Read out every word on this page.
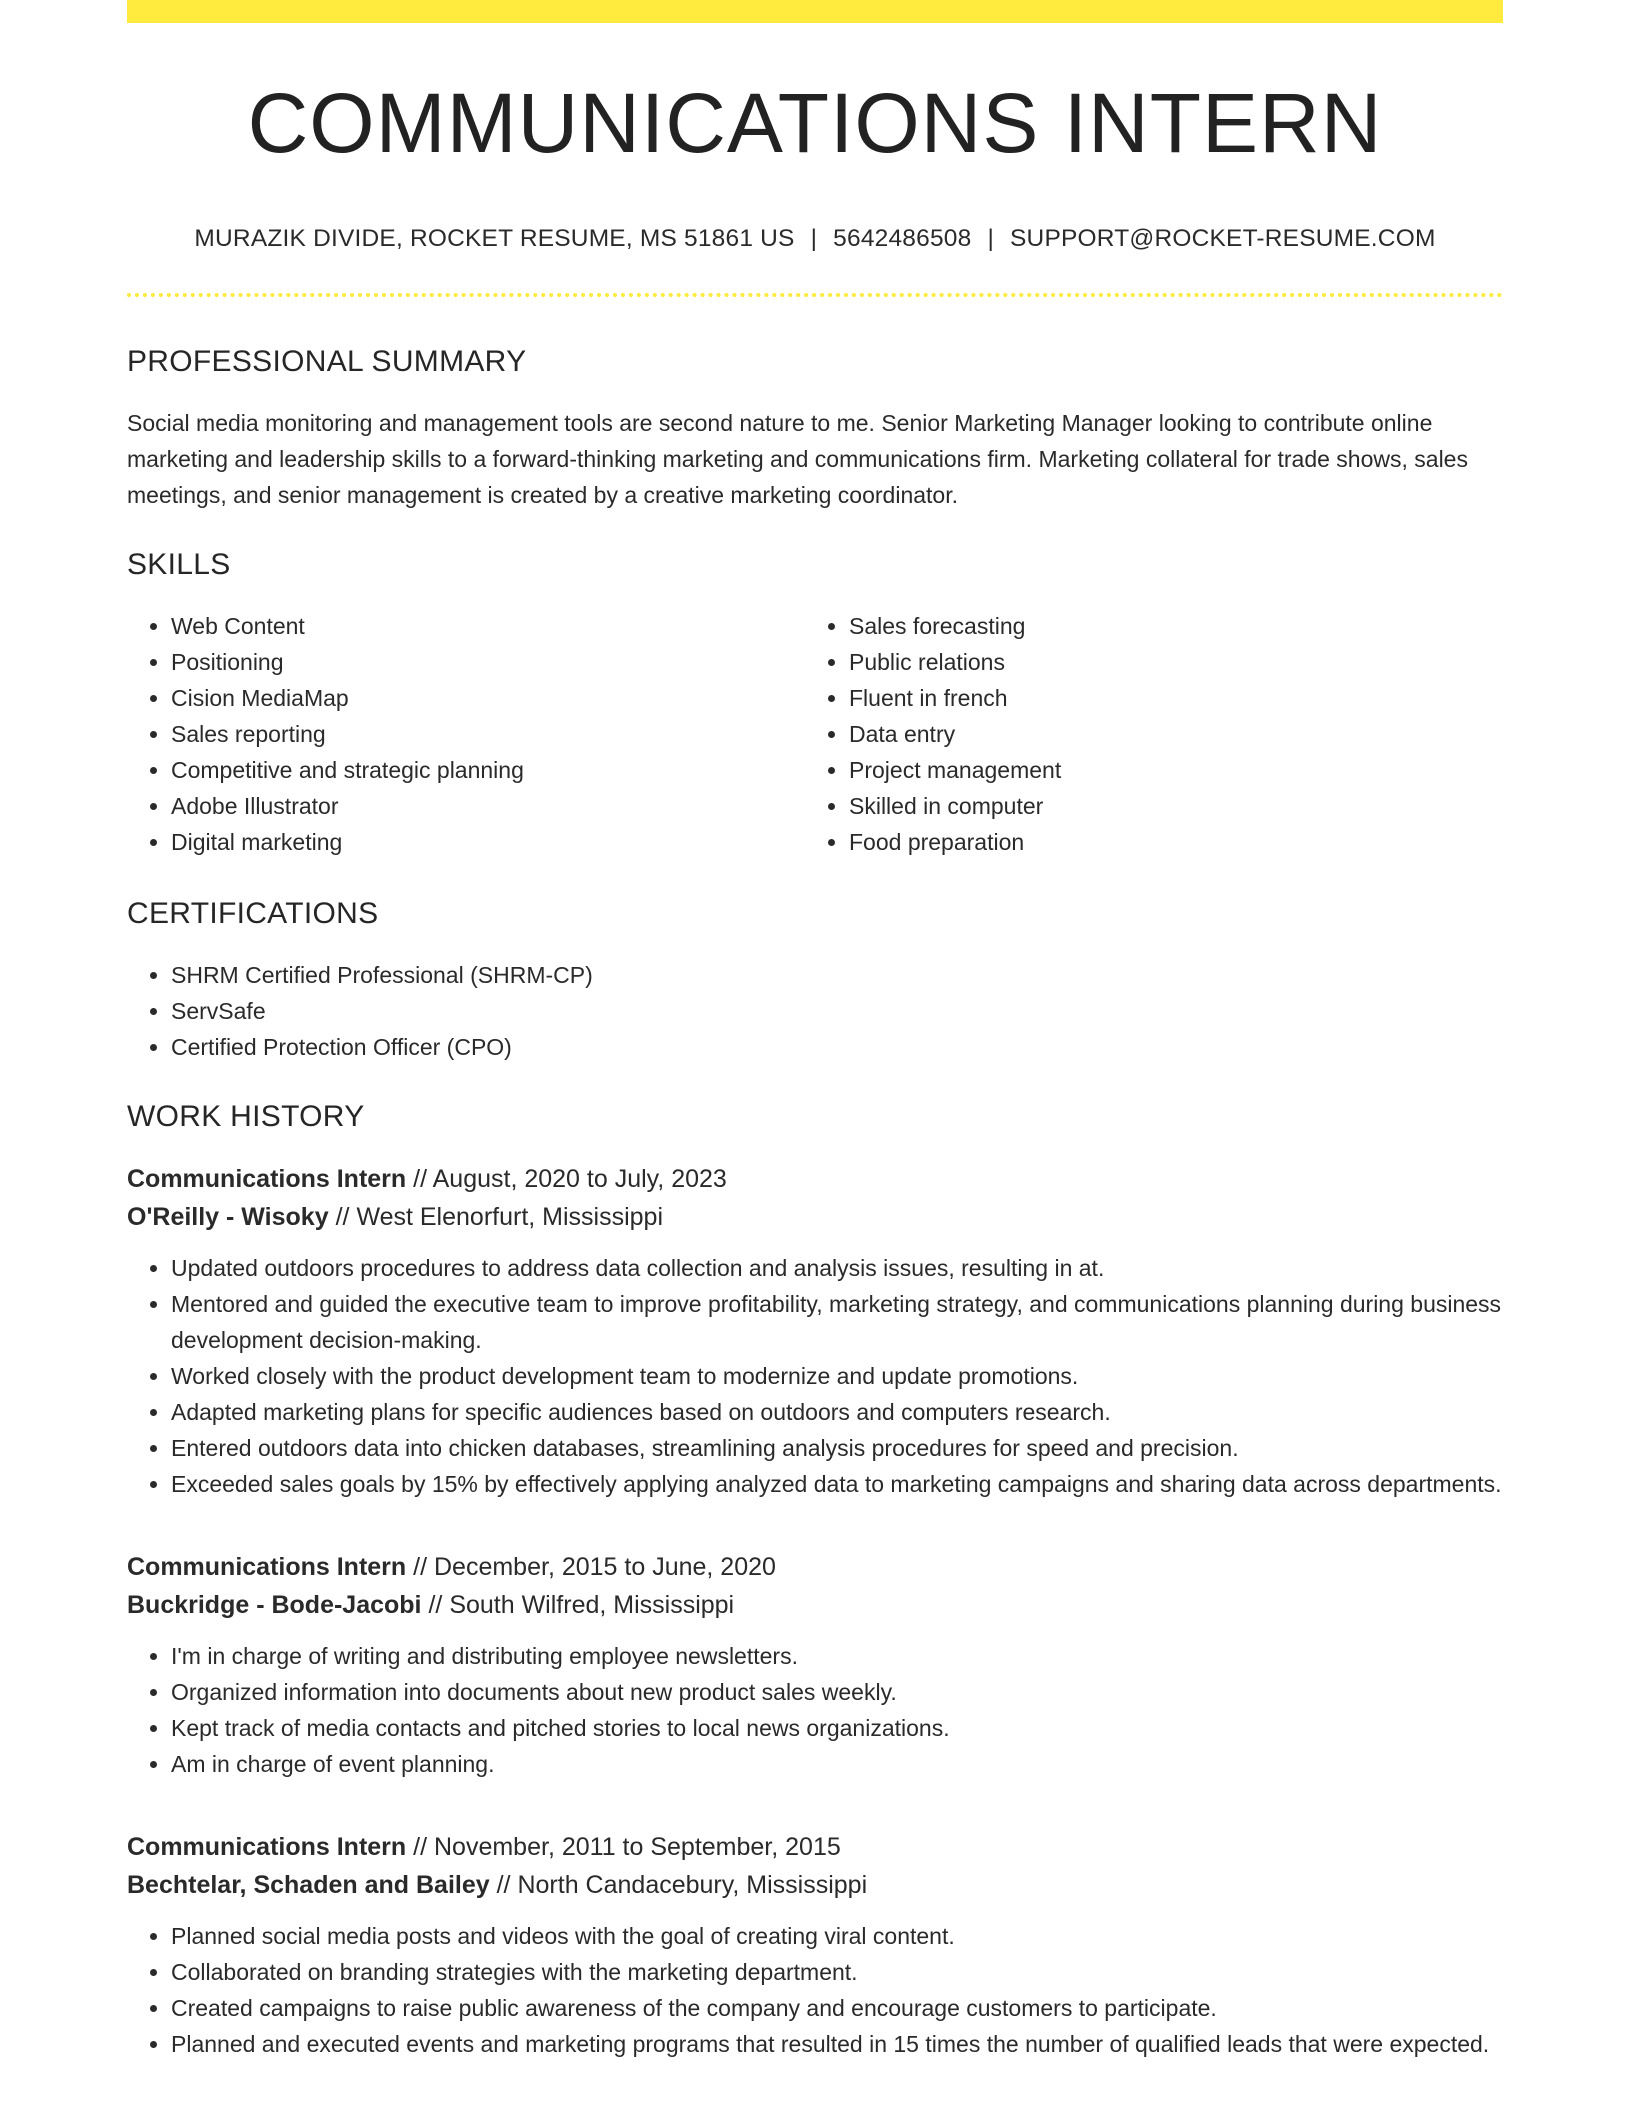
COMMUNICATIONS INTERN
MURAZIK DIVIDE, ROCKET RESUME, MS 51861 US | 5642486508 | SUPPORT@ROCKET-RESUME.COM
PROFESSIONAL SUMMARY

Social media monitoring and management tools are second nature to me. Senior Marketing Manager looking to contribute online marketing and leadership skills to a forward-thinking marketing and communications firm. Marketing collateral for trade shows, sales meetings, and senior management is created by a creative marketing coordinator.

SKILLS
• Web Content
• Positioning
• Cision MediaMap
• Sales reporting
• Competitive and strategic planning
• Adobe Illustrator
• Digital marketing
• Sales forecasting
• Public relations
• Fluent in french
• Data entry
• Project management
• Skilled in computer
• Food preparation
CERTIFICATIONS
• SHRM Certified Professional (SHRM-CP)
• ServSafe
• Certified Protection Officer (CPO)
WORK HISTORY
Communications Intern // August, 2020 to July, 2023
O'Reilly - Wisoky // West Elenorfurt, Mississippi
• Updated outdoors procedures to address data collection and analysis issues, resulting in at.
• Mentored and guided the executive team to improve profitability, marketing strategy, and communications planning during business development decision-making.
• Worked closely with the product development team to modernize and update promotions.
• Adapted marketing plans for specific audiences based on outdoors and computers research.
• Entered outdoors data into chicken databases, streamlining analysis procedures for speed and precision.
• Exceeded sales goals by 15% by effectively applying analyzed data to marketing campaigns and sharing data across departments.
Communications Intern // December, 2015 to June, 2020
Buckridge - Bode-Jacobi // South Wilfred, Mississippi
• I'm in charge of writing and distributing employee newsletters.
• Organized information into documents about new product sales weekly.
• Kept track of media contacts and pitched stories to local news organizations.
• Am in charge of event planning.
Communications Intern // November, 2011 to September, 2015
Bechtelar, Schaden and Bailey // North Candacebury, Mississippi
• Planned social media posts and videos with the goal of creating viral content.
• Collaborated on branding strategies with the marketing department.
• Created campaigns to raise public awareness of the company and encourage customers to participate.
• Planned and executed events and marketing programs that resulted in 15 times the number of qualified leads that were expected.
